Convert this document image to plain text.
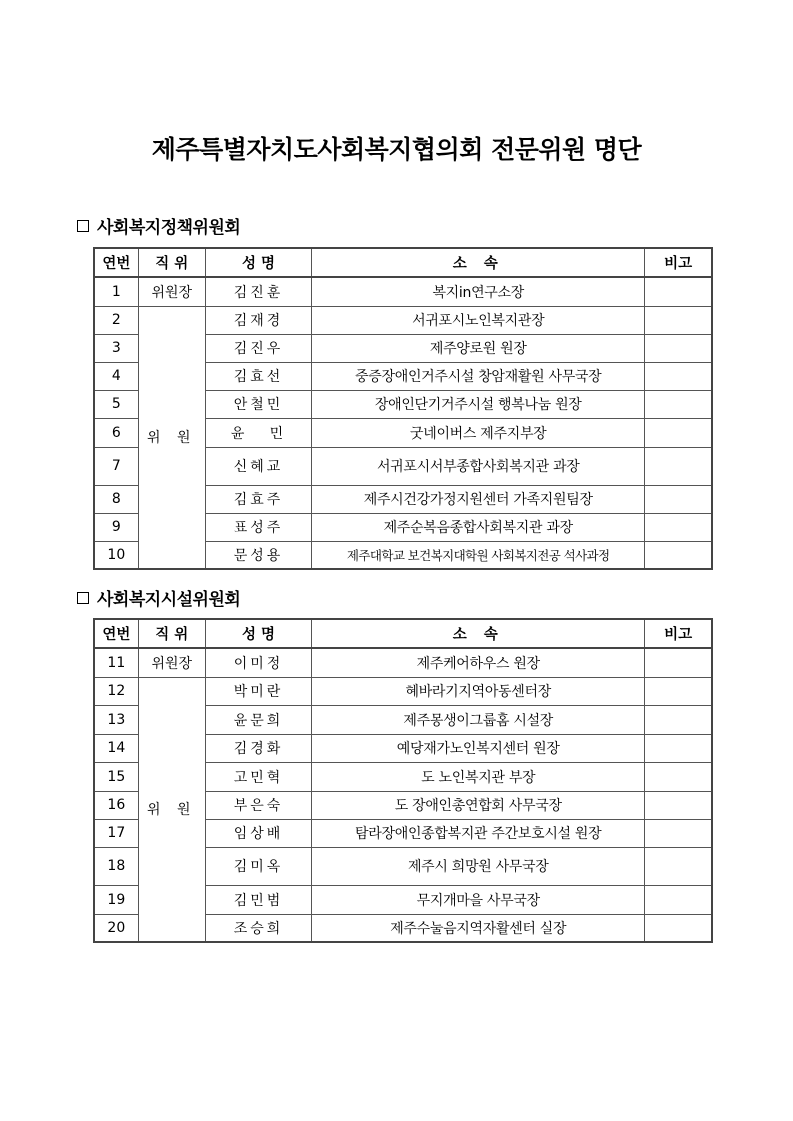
제주특별자치도사회복지협의회 전문위원 명단
사회복지정책위원회
연번	직 위	성 명	소 속	비고
1	위원장	김진훈	복지in연구소장	
2	위 원	김재경	서귀포시노인복지관장	
3		김진우	제주양로원 원장	
4		김효선	중증장애인거주시설 창암재활원 사무국장	
5		안철민	장애인단기거주시설 행복나눔 원장	
6		윤   민	굿네이버스 제주지부장	
7		신혜교	서귀포시서부종합사회복지관 과장	
8		김효주	제주시건강가정지원센터 가족지원팀장	
9		표성주	제주순복음종합사회복지관 과장	
10		문성용	제주대학교 보건복지대학원 사회복지전공 석사과정	
사회복지시설위원회
연번	직 위	성 명	소 속	비고
11	위원장	이미정	제주케어하우스 원장	
12	위 원	박미란	혜바라기지역아동센터장	
13		윤문희	제주몽생이그룹홈 시설장	
14		김경화	예당재가노인복지센터 원장	
15		고민혁	도 노인복지관 부장	
16		부은숙	도 장애인총연합회 사무국장	
17		임상배	탐라장애인종합복지관 주간보호시설 원장	
18		김미옥	제주시 희망원 사무국장	
19		김민범	무지개마을 사무국장	
20		조승희	제주수눌음지역자활센터 실장	
